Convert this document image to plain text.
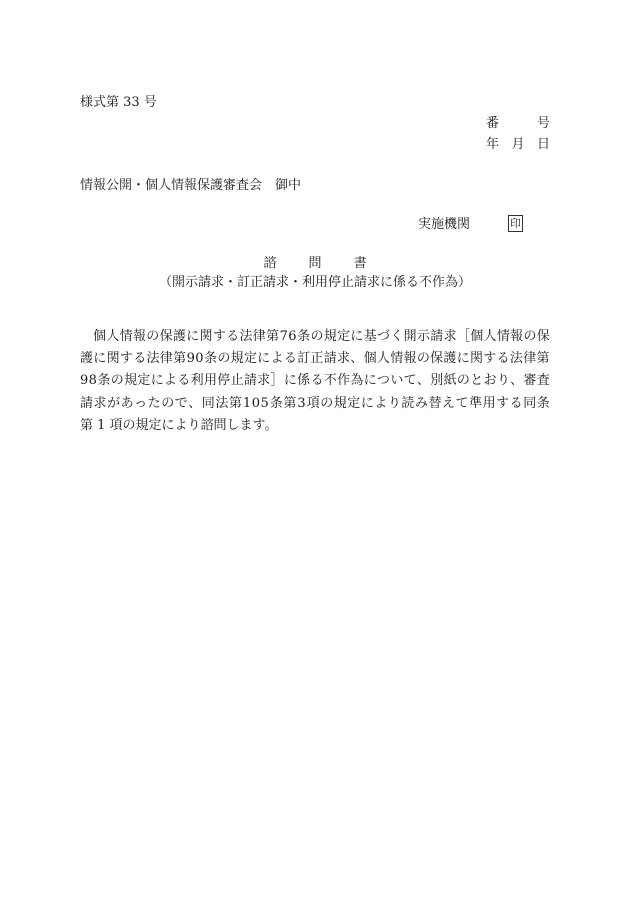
様式第 33 号
番	号
年 月 日
情報公開・個人情報保護審査会　御中
実施機関	印
諮 問 書
（開示請求・訂正請求・利用停止請求に係る不作為）
個 人 情 報 の 保 護 に 関 す る 法 律 第 7 6 条 の 規 定 に 基 づ く 開 示 請 求 ［ 個 人 情 報 の 保
護 に 関 す る 法 律 第 9 0 条 の 規 定 に よ る 訂 正 請 求 、 個 人 情 報 の 保 護 に 関 す る 法 律 第
9 8 条 の 規 定 に よ る 利 用 停 止 請 求 ］ に 係 る 不 作 為 に つ い て 、 別 紙 の と お り 、 審 査
請 求 が あ っ た の で 、 同 法 第 1 0 5 条 第 3 項 の 規 定 に よ り 読 み 替 え て 準 用 す る 同 条
第 1 項の規定により諮問します。
